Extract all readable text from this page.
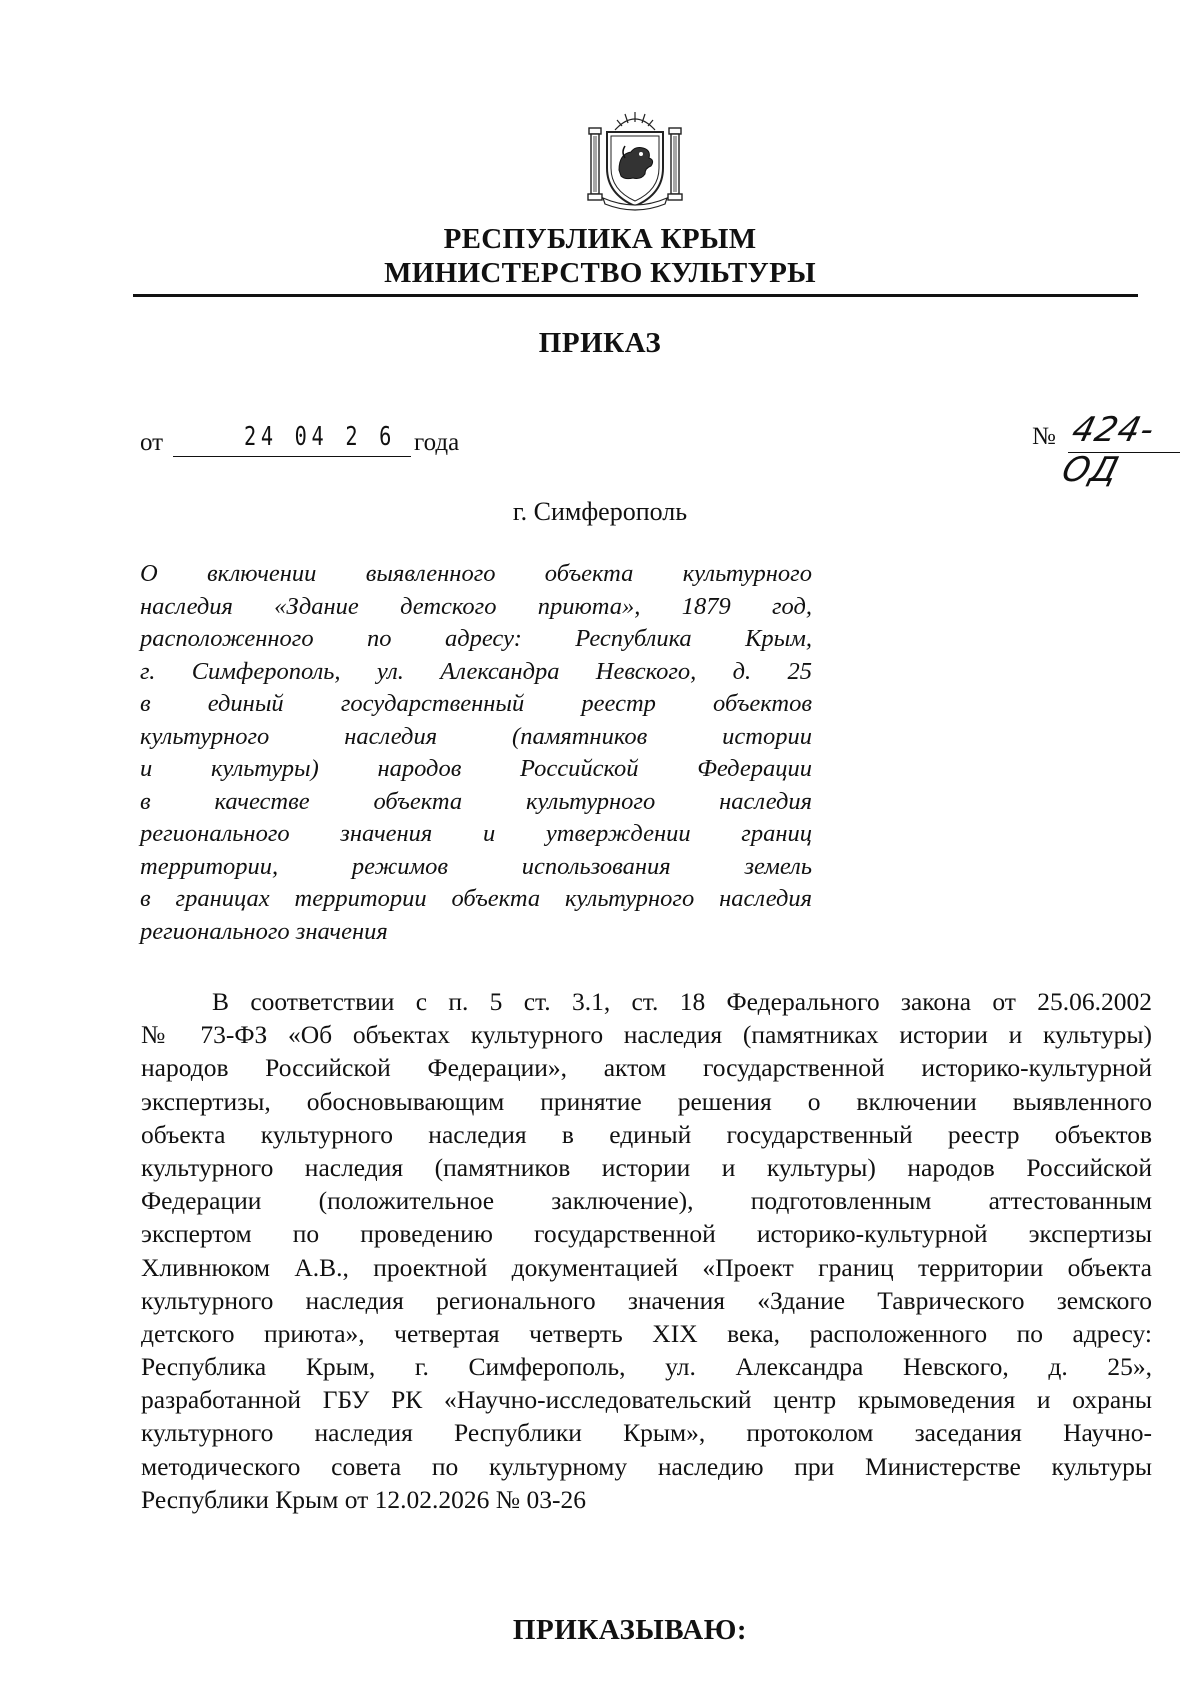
РЕСПУБЛИКА КРЫМ
МИНИСТЕРСТВО КУЛЬТУРЫ
ПРИКАЗ
от	24 04 2 6 года	№ 424-ОД
г. Симферополь
О включении выявленного объекта культурного
наследия «Здание детского приюта», 1879 год,
расположенного по адресу: Республика Крым,
г. Симферополь, ул. Александра Невского, д. 25
в единый государственный реестр объектов
культурного наследия (памятников истории
и культуры) народов Российской Федерации
в качестве объекта культурного наследия
регионального значения и утверждении границ
территории, режимов использования земель
в границах территории объекта культурного наследия
регионального значения
В соответствии с п. 5 ст. 3.1, ст. 18 Федерального закона от 25.06.2002
№ 73-ФЗ «Об объектах культурного наследия (памятниках истории и культуры)
народов Российской Федерации», актом государственной историко-культурной
экспертизы, обосновывающим принятие решения о включении выявленного
объекта культурного наследия в единый государственный реестр объектов
культурного наследия (памятников истории и культуры) народов Российской
Федерации (положительное заключение), подготовленным аттестованным
экспертом по проведению государственной историко-культурной экспертизы
Хливнюком А.В., проектной документацией «Проект границ территории объекта
культурного наследия регионального значения «Здание Таврического земского
детского приюта», четвертая четверть XIX века, расположенного по адресу:
Республика Крым, г. Симферополь, ул. Александра Невского, д. 25»,
разработанной ГБУ РК «Научно-исследовательский центр крымоведения и охраны
культурного наследия Республики Крым», протоколом заседания Научно-
методического совета по культурному наследию при Министерстве культуры
Республики Крым от 12.02.2026 № 03-26
ПРИКАЗЫВАЮ:
